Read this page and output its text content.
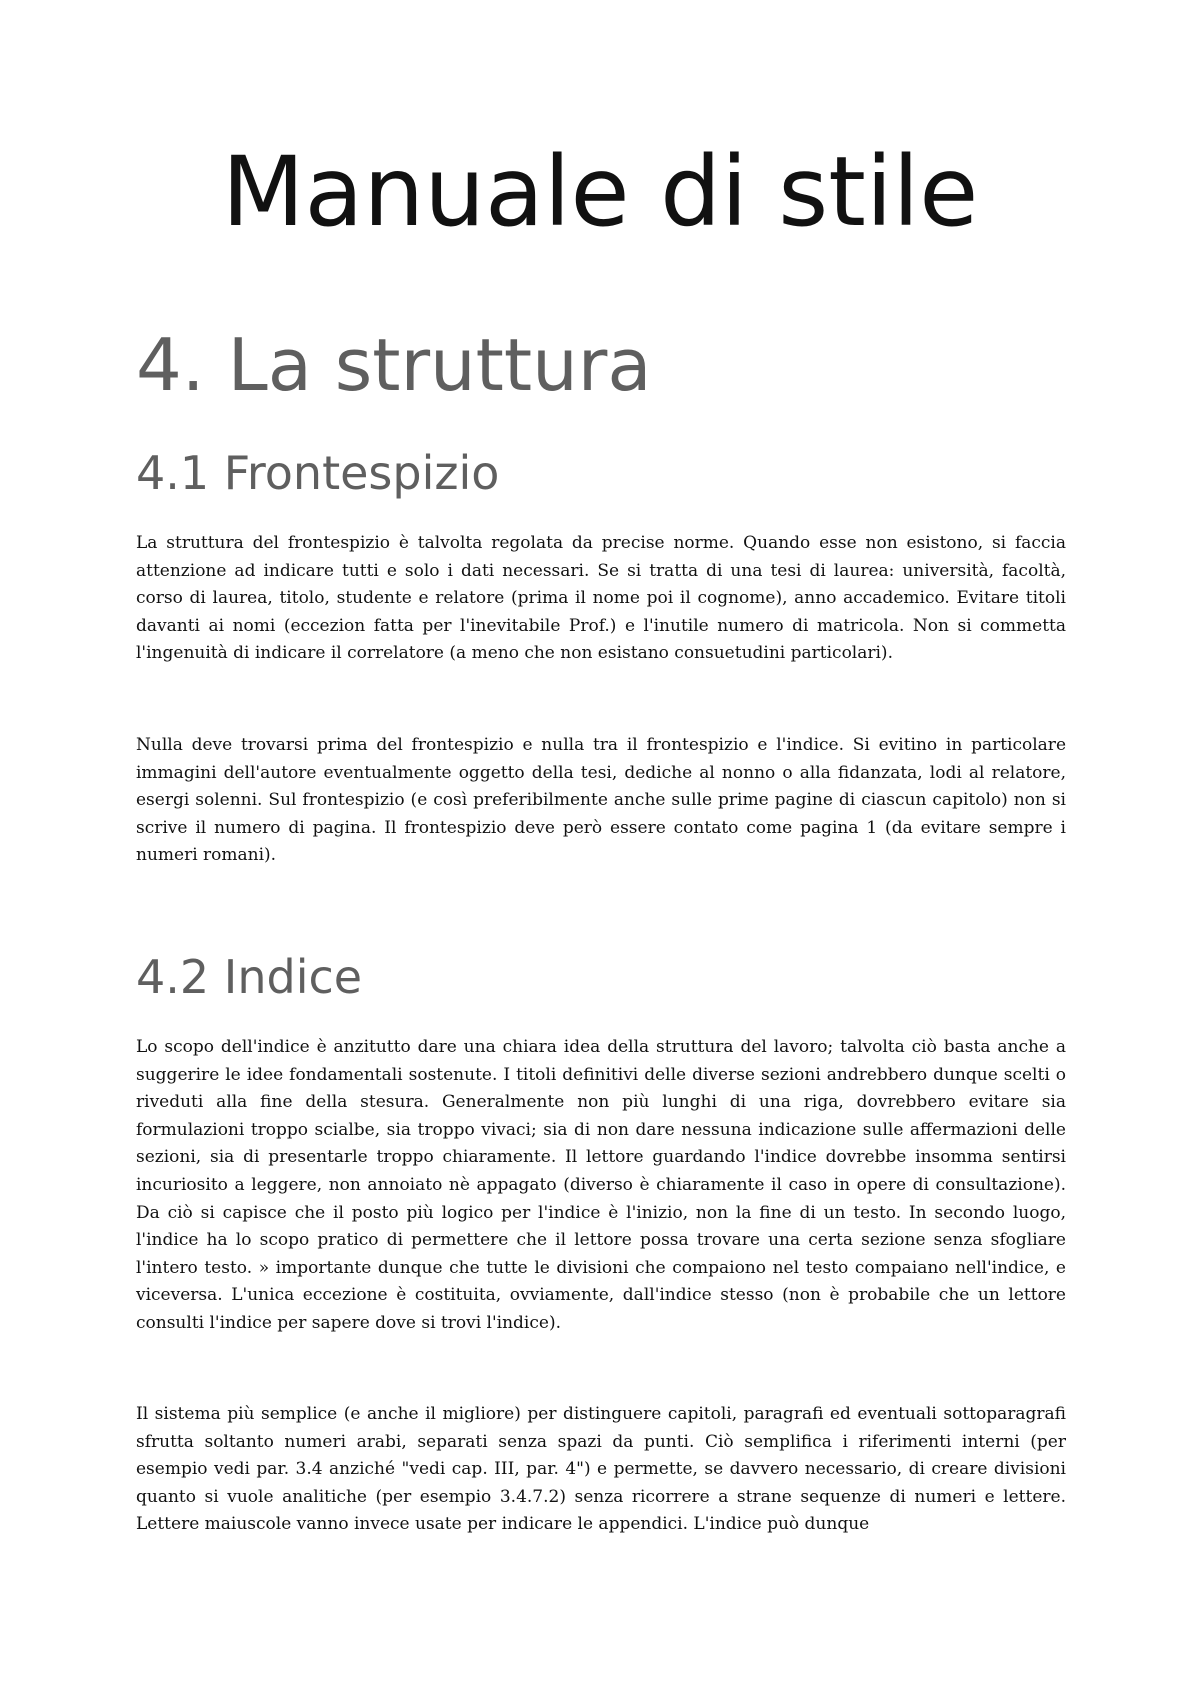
Manuale di stile
4. La struttura
4.1 Frontespizio

La struttura del frontespizio è talvolta regolata da precise norme. Quando esse non esistono, si faccia attenzione ad indicare tutti e solo i dati necessari. Se si tratta di una tesi di laurea: università, facoltà, corso di laurea, titolo, studente e relatore (prima il nome poi il cognome), anno accademico. Evitare titoli davanti ai nomi (eccezion fatta per l'inevitabile Prof.) e l'inutile numero di matricola. Non si commetta l'ingenuità di indicare il correlatore (a meno che non esistano consuetudini particolari).

Nulla deve trovarsi prima del frontespizio e nulla tra il frontespizio e l'indice. Si evitino in particolare immagini dell'autore eventualmente oggetto della tesi, dediche al nonno o alla fidanzata, lodi al relatore, esergi solenni. Sul frontespizio (e così preferibilmente anche sulle prime pagine di ciascun capitolo) non si scrive il numero di pagina. Il frontespizio deve però essere contato come pagina 1 (da evitare sempre i numeri romani).

4.2 Indice

Lo scopo dell'indice è anzitutto dare una chiara idea della struttura del lavoro; talvolta ciò basta anche a suggerire le idee fondamentali sostenute. I titoli definitivi delle diverse sezioni andrebbero dunque scelti o riveduti alla fine della stesura. Generalmente non più lunghi di una riga, dovrebbero evitare sia formulazioni troppo scialbe, sia troppo vivaci; sia di non dare nessuna indicazione sulle affermazioni delle sezioni, sia di presentarle troppo chiaramente. Il lettore guardando l'indice dovrebbe insomma sentirsi incuriosito a leggere, non annoiato nè appagato (diverso è chiaramente il caso in opere di consultazione). Da ciò si capisce che il posto più logico per l'indice è l'inizio, non la fine di un testo. In secondo luogo, l'indice ha lo scopo pratico di permettere che il lettore possa trovare una certa sezione senza sfogliare l'intero testo. » importante dunque che tutte le divisioni che compaiono nel testo compaiano nell'indice, e viceversa. L'unica eccezione è costituita, ovviamente, dall'indice stesso (non è probabile che un lettore consulti l'indice per sapere dove si trovi l'indice).

Il sistema più semplice (e anche il migliore) per distinguere capitoli, paragrafi ed eventuali sottoparagrafi sfrutta soltanto numeri arabi, separati senza spazi da punti. Ciò semplifica i riferimenti interni (per esempio vedi par. 3.4 anziché "vedi cap. III, par. 4") e permette, se davvero necessario, di creare divisioni quanto si vuole analitiche (per esempio 3.4.7.2) senza ricorrere a strane sequenze di numeri e lettere. Lettere maiuscole vanno invece usate per indicare le appendici. L'indice può dunque
